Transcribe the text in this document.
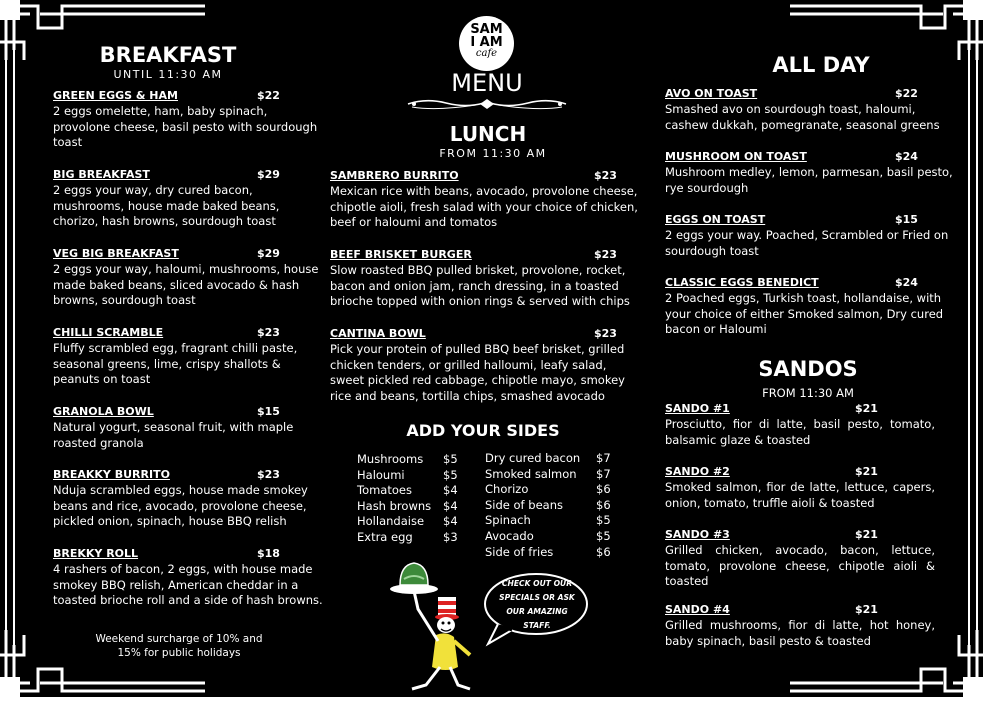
BREAKFAST
UNTIL 11:30 AM
GREEN EGGS & HAM	$22
2 eggs omelette, ham, baby spinach, provolone cheese, basil pesto with sourdough toast
BIG BREAKFAST	$29
2 eggs your way, dry cured bacon, mushrooms, house made baked beans, chorizo, hash browns, sourdough toast
VEG BIG BREAKFAST	$29
2 eggs your way, haloumi, mushrooms, house made baked beans, sliced avocado & hash browns, sourdough toast
CHILLI SCRAMBLE	$23
Fluffy scrambled egg, fragrant chilli paste, seasonal greens, lime, crispy shallots & peanuts on toast
GRANOLA BOWL	$15
Natural yogurt, seasonal fruit, with maple roasted granola
BREAKKY BURRITO	$23
Nduja scrambled eggs, house made smokey beans and rice, avocado, provolone cheese, pickled onion, spinach, house BBQ relish
BREKKY ROLL	$18
4 rashers of bacon, 2 eggs, with house made smokey BBQ relish, American cheddar in a toasted brioche roll and a side of hash browns.
Weekend surcharge of 10% and
15% for public holidays
SAM
I AM
cafe
MENU
LUNCH
FROM 11:30 AM
SAMBRERO BURRITO	$23
Mexican rice with beans, avocado, provolone cheese, chipotle aioli, fresh salad with your choice of chicken, beef or haloumi and tomatos
BEEF BRISKET BURGER	$23
Slow roasted BBQ pulled brisket, provolone, rocket, bacon and onion jam, ranch dressing, in a toasted brioche topped with onion rings & served with chips
CANTINA BOWL	$23
Pick your protein of pulled BBQ beef brisket, grilled chicken tenders, or grilled halloumi, leafy salad, sweet pickled red cabbage, chipotle mayo, smokey rice and beans, tortilla chips, smashed avocado
ADD YOUR SIDES
Mushrooms	$5
Haloumi	$5
Tomatoes	$4
Hash browns	$4
Hollandaise	$4
Extra egg	$3
Dry cured bacon	$7
Smoked salmon	$7
Chorizo	$6
Side of beans	$6
Spinach	$5
Avocado	$5
Side of fries	$6
CHECK OUT OUR
SPECIALS OR ASK
OUR AMAZING
STAFF.
ALL DAY
AVO ON TOAST	$22
Smashed avo on sourdough toast, haloumi, cashew dukkah, pomegranate, seasonal greens
MUSHROOM ON TOAST	$24
Mushroom medley, lemon, parmesan, basil pesto, rye sourdough
EGGS ON TOAST	$15
2 eggs your way. Poached, Scrambled or Fried on sourdough toast
CLASSIC EGGS BENEDICT	$24
2 Poached eggs, Turkish toast, hollandaise, with your choice of either Smoked salmon, Dry cured bacon or Haloumi
SANDOS
FROM 11:30 AM
SANDO #1	$21
Prosciutto, fior di latte, basil pesto, tomato, balsamic glaze & toasted
SANDO #2	$21
Smoked salmon, fior de latte, lettuce, capers, onion, tomato, truffle aioli & toasted
SANDO #3	$21
Grilled chicken, avocado, bacon, lettuce, tomato, provolone cheese, chipotle aioli & toasted
SANDO #4	$21
Grilled mushrooms, fior di latte, hot honey, baby spinach, basil pesto & toasted
